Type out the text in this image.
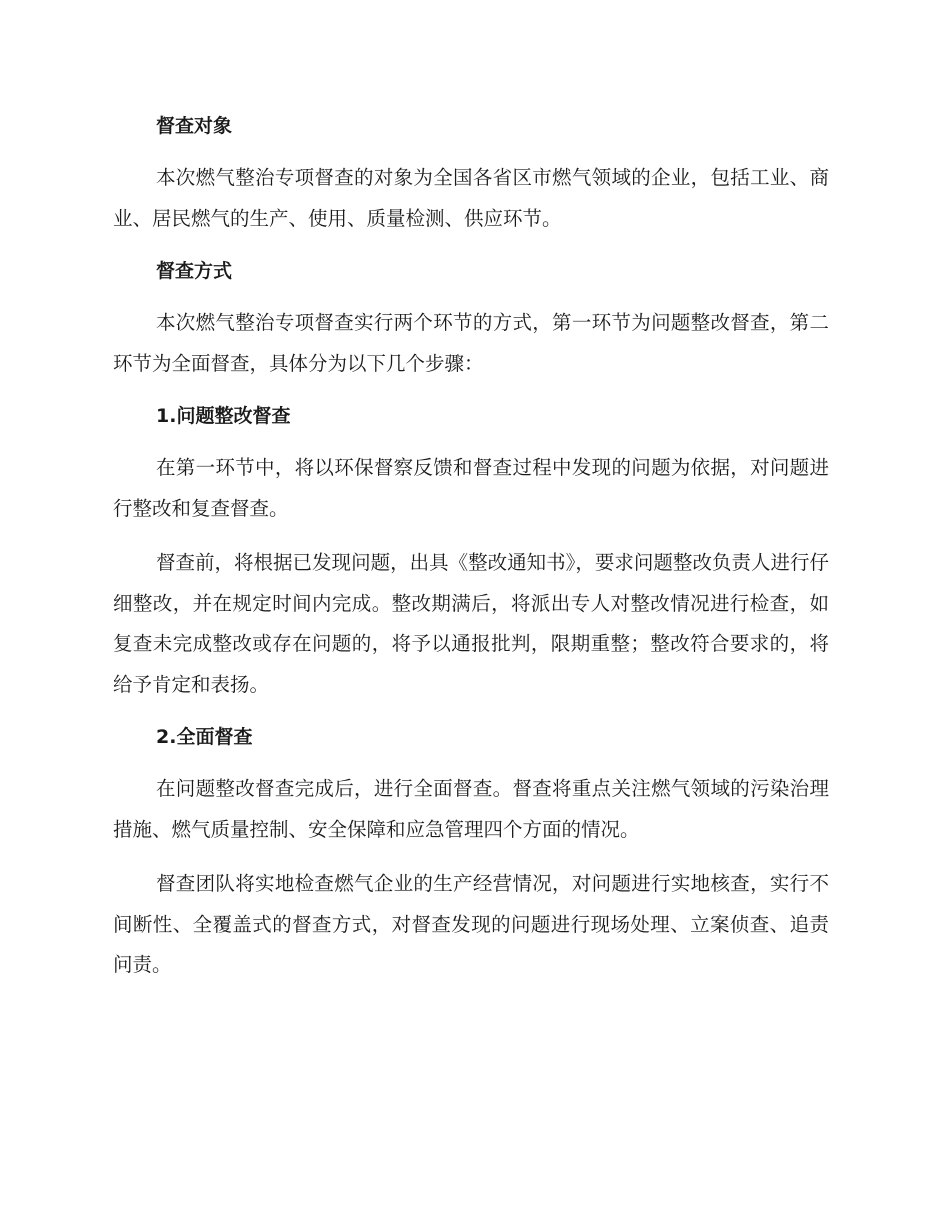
督查对象

本次燃气整治专项督查的对象为全国各省区市燃气领域的企业，包括工业、商业、居民燃气的生产、使用、质量检测、供应环节。

督查方式

本次燃气整治专项督查实行两个环节的方式，第一环节为问题整改督查，第二环节为全面督查，具体分为以下几个步骤：

1.问题整改督查

在第一环节中，将以环保督察反馈和督查过程中发现的问题为依据，对问题进行整改和复查督查。

督查前，将根据已发现问题，出具《整改通知书》，要求问题整改负责人进行仔细整改，并在规定时间内完成。整改期满后，将派出专人对整改情况进行检查，如复查未完成整改或存在问题的，将予以通报批判，限期重整；整改符合要求的，将给予肯定和表扬。

2.全面督查

在问题整改督查完成后，进行全面督查。督查将重点关注燃气领域的污染治理措施、燃气质量控制、安全保障和应急管理四个方面的情况。

督查团队将实地检查燃气企业的生产经营情况，对问题进行实地核查，实行不间断性、全覆盖式的督查方式，对督查发现的问题进行现场处理、立案侦查、追责问责。
